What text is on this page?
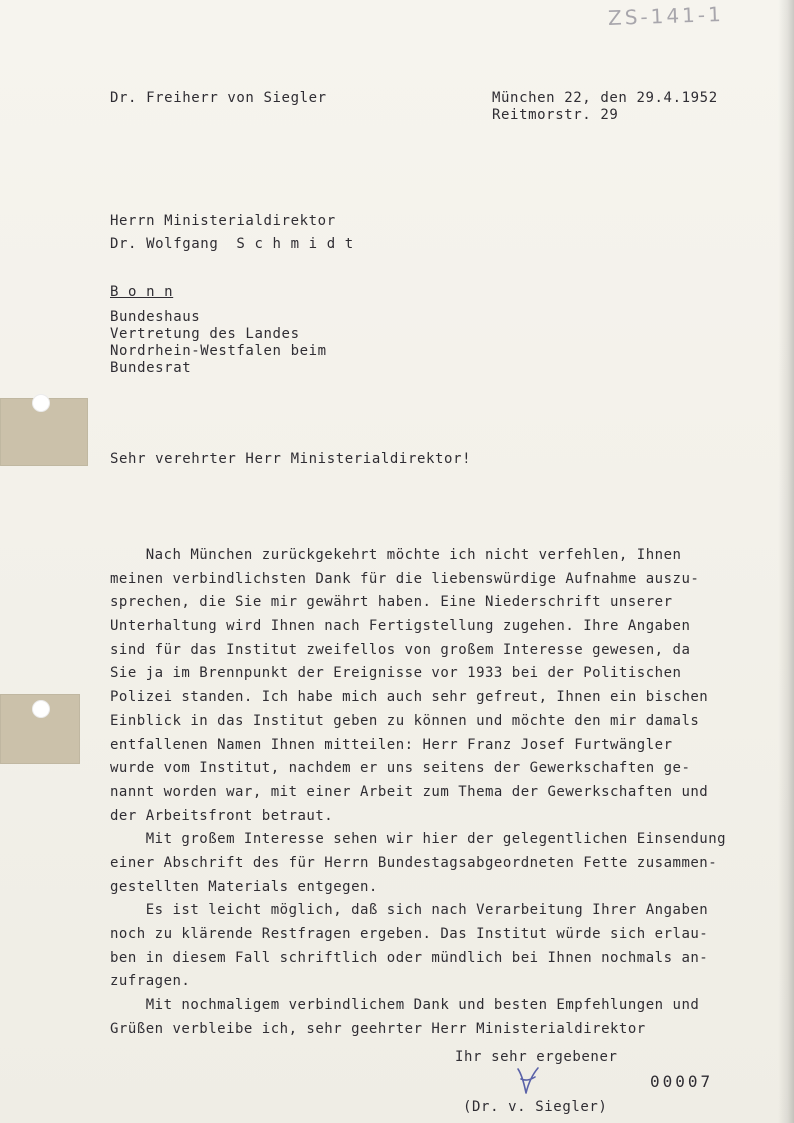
ZS-141-1
Dr. Freiherr von Siegler	München 22, den 29.4.1952
Reitmorstr. 29
Herrn Ministerialdirektor
Dr. Wolfgang  S c h m i d t
B o n n
Bundeshaus
Vertretung des Landes
Nordrhein-Westfalen beim
Bundesrat
Sehr verehrter Herr Ministerialdirektor!
Nach München zurückgekehrt möchte ich nicht verfehlen, Ihnen
meinen verbindlichsten Dank für die liebenswürdige Aufnahme auszu-
sprechen, die Sie mir gewährt haben. Eine Niederschrift unserer
Unterhaltung wird Ihnen nach Fertigstellung zugehen. Ihre Angaben
sind für das Institut zweifellos von großem Interesse gewesen, da
Sie ja im Brennpunkt der Ereignisse vor 1933 bei der Politischen
Polizei standen. Ich habe mich auch sehr gefreut, Ihnen ein bischen
Einblick in das Institut geben zu können und möchte den mir damals
entfallenen Namen Ihnen mitteilen: Herr Franz Josef Furtwängler
wurde vom Institut, nachdem er uns seitens der Gewerkschaften ge-
nannt worden war, mit einer Arbeit zum Thema der Gewerkschaften und
der Arbeitsfront betraut.
Mit großem Interesse sehen wir hier der gelegentlichen Einsendung
einer Abschrift des für Herrn Bundestagsabgeordneten Fette zusammen-
gestellten Materials entgegen.
Es ist leicht möglich, daß sich nach Verarbeitung Ihrer Angaben
noch zu klärende Restfragen ergeben. Das Institut würde sich erlau-
ben in diesem Fall schriftlich oder mündlich bei Ihnen nochmals an-
zufragen.
Mit nochmaligem verbindlichem Dank und besten Empfehlungen und
Grüßen verbleibe ich, sehr geehrter Herr Ministerialdirektor
Ihr sehr ergebener
00007
(Dr. v. Siegler)
